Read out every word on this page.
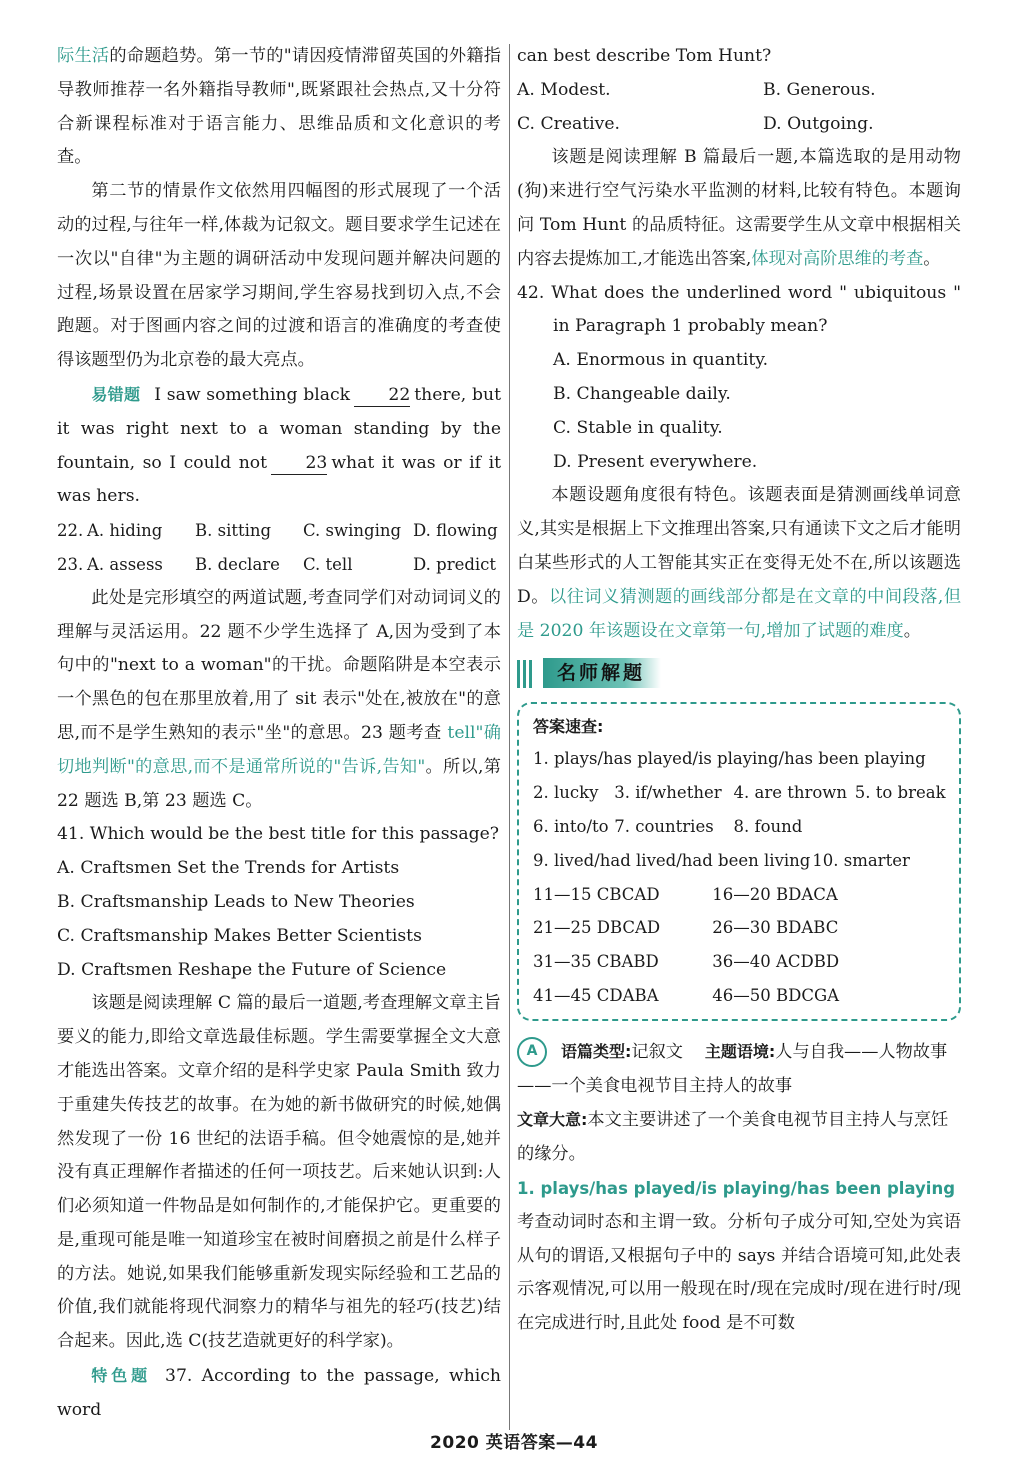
际生活的命题趋势。第一节的"请因疫情滞留英国的外籍指导教师推荐一名外籍指导教师",既紧跟社会热点,又十分符合新课程标准对于语言能力、思维品质和文化意识的考查。

第二节的情景作文依然用四幅图的形式展现了一个活动的过程,与往年一样,体裁为记叙文。题目要求学生记述在一次以"自律"为主题的调研活动中发现问题并解决问题的过程,场景设置在居家学习期间,学生容易找到切入点,不会跑题。对于图画内容之间的过渡和语言的准确度的考查使得该题型仍为北京卷的最大亮点。

易错题 I saw something black 22 there, but it was right next to a woman standing by the fountain, so I could not 23 what it was or if it was hers.

22. A. hiding	B. sitting	C. swinging D. flowing
23. A. assess	B. declare	C. tell	D. predict

此处是完形填空的两道试题,考查同学们对动词词义的理解与灵活运用。22 题不少学生选择了 A,因为受到了本句中的"next to a woman"的干扰。命题陷阱是本空表示一个黑色的包在那里放着,用了 sit 表示"处在,被放在"的意思,而不是学生熟知的表示"坐"的意思。23 题考查 tell"确切地判断"的意思,而不是通常所说的"告诉,告知"。所以,第 22 题选 B,第 23 题选 C。

41. Which would be the best title for this passage?
A. Craftsmen Set the Trends for Artists
B. Craftsmanship Leads to New Theories
C. Craftsmanship Makes Better Scientists
D. Craftsmen Reshape the Future of Science

该题是阅读理解 C 篇的最后一道题,考查理解文章主旨要义的能力,即给文章选最佳标题。学生需要掌握全文大意才能选出答案。文章介绍的是科学史家 Paula Smith 致力于重建失传技艺的故事。在为她的新书做研究的时候,她偶然发现了一份 16 世纪的法语手稿。但令她震惊的是,她并没有真正理解作者描述的任何一项技艺。后来她认识到:人们必须知道一件物品是如何制作的,才能保护它。更重要的是,重现可能是唯一知道珍宝在被时间磨损之前是什么样子的方法。她说,如果我们能够重新发现实际经验和工艺品的价值,我们就能将现代洞察力的精华与祖先的轻巧(技艺)结合起来。因此,选 C(技艺造就更好的科学家)。

特色题 37. According to the passage, which word

can best describe Tom Hunt?
A. Modest.	B. Generous.
C. Creative.	D. Outgoing.

该题是阅读理解 B 篇最后一题,本篇选取的是用动物(狗)来进行空气污染水平监测的材料,比较有特色。本题询问 Tom Hunt 的品质特征。这需要学生从文章中根据相关内容去提炼加工,才能选出答案,体现对高阶思维的考查。

42. What does the underlined word " ubiquitous " in Paragraph 1 probably mean?

A. Enormous in quantity.
B. Changeable daily.
C. Stable in quality.
D. Present everywhere.

本题设题角度很有特色。该题表面是猜测画线单词意义,其实是根据上下文推理出答案,只有通读下文之后才能明白某些形式的人工智能其实正在变得无处不在,所以该题选 D。以往词义猜测题的画线部分都是在文章的中间段落,但是 2020 年该题设在文章第一句,增加了试题的难度。

名师解题
答案速查:
1. plays/has played/is playing/has been playing
2. lucky 3. if/whether 4. are thrown 5. to break
6. into/to 7. countries 8. found
9. lived/had lived/had been living 10. smarter
11—15 CBCAD	16—20 BDACA
21—25 DBCAD	26—30 BDABC
31—35 CBABD	36—40 ACDBD
41—45 CDABA	46—50 BDCGA

A 语篇类型:记叙文 主题语境:人与自我——人物故事——一个美食电视节目主持人的故事

文章大意:本文主要讲述了一个美食电视节目主持人与烹饪的缘分。

1. plays/has played/is playing/has been playing

考查动词时态和主谓一致。分析句子成分可知,空处为宾语从句的谓语,又根据句子中的 says 并结合语境可知,此处表示客观情况,可以用一般现在时/现在完成时/现在进行时/现在完成进行时,且此处 food 是不可数

2020 英语答案—44
